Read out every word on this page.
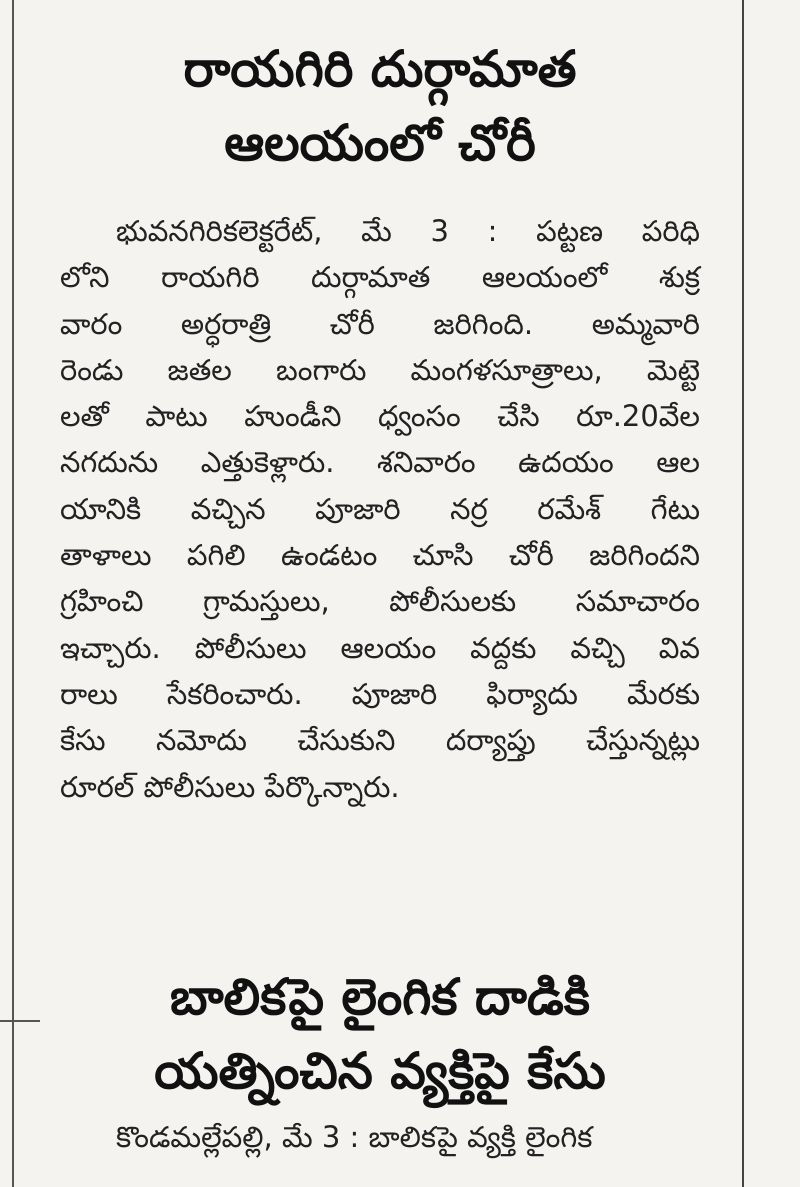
రాయగిరి దుర్గామాత
ఆలయంలో చోరీ
భువనగిరికలెక్టరేట్, మే 3 : పట్టణ పరిధి
లోని రాయగిరి దుర్గామాత ఆలయంలో శుక్ర
వారం అర్ధరాత్రి చోరీ జరిగింది. అమ్మవారి
రెండు జతల బంగారు మంగళసూత్రాలు, మెట్టె
లతో పాటు హుండీని ధ్వంసం చేసి రూ.20వేల
నగదును ఎత్తుకెళ్లారు. శనివారం ఉదయం ఆల
యానికి వచ్చిన పూజారి నర్ర రమేశ్ గేటు
తాళాలు పగిలి ఉండటం చూసి చోరీ జరిగిందని
గ్రహించి గ్రామస్తులు, పోలీసులకు సమాచారం
ఇచ్చారు. పోలీసులు ఆలయం వద్దకు వచ్చి వివ
రాలు సేకరించారు. పూజారి ఫిర్యాదు మేరకు
కేసు నమోదు చేసుకుని దర్యాప్తు చేస్తున్నట్లు
రూరల్ పోలీసులు పేర్కొన్నారు.
బాలికపై లైంగిక దాడికి
యత్నించిన వ్యక్తిపై కేసు
కొండమల్లేపల్లి, మే 3 : బాలికపై వ్యక్తి లైంగిక
